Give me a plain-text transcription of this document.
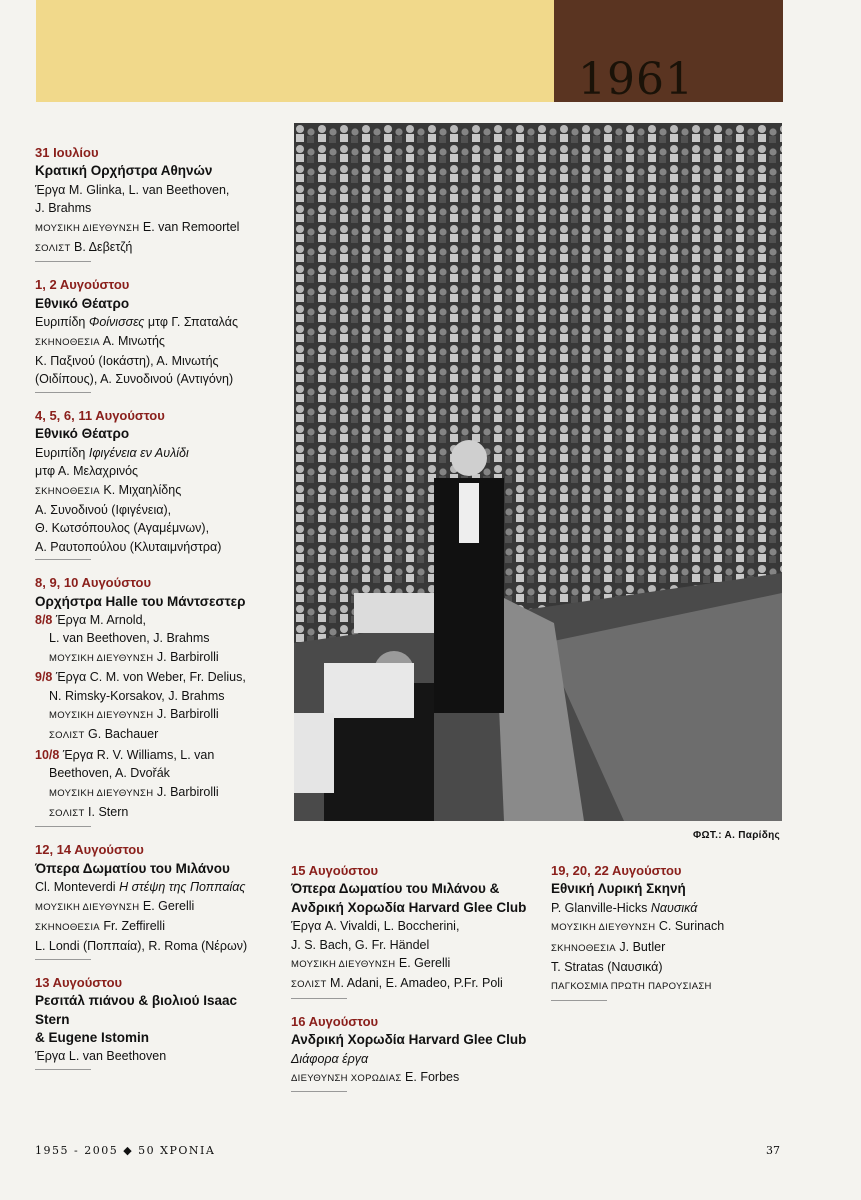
1961
ΦΩΤ.: Α. Παρίδης
31 Ιουλίου
Κρατική Ορχήστρα Αθηνών
Έργα M. Glinka, L. van Beethoven,
J. Brahms
ΜΟΥΣΙΚΗ ΔΙΕΥΘΥΝΣΗ E. van Remoortel
ΣΟΛΙΣΤ Β. Δεβετζή
1, 2 Αυγούστου
Εθνικό Θέατρο
Ευριπίδη Φοίνισσες μτφ Γ. Σπαταλάς
ΣΚΗΝΟΘΕΣΙΑ Α. Μινωτής
Κ. Παξινού (Ιοκάστη), Α. Μινωτής
(Οιδίπους), Α. Συνοδινού (Αντιγόνη)
4, 5, 6, 11 Αυγούστου
Εθνικό Θέατρο
Ευριπίδη Ιφιγένεια εν Αυλίδι
μτφ Α. Μελαχρινός
ΣΚΗΝΟΘΕΣΙΑ Κ. Μιχαηλίδης
Α. Συνοδινού (Ιφιγένεια),
Θ. Κωτσόπουλος (Αγαμέμνων),
Α. Ραυτοπούλου (Κλυταιμνήστρα)
8, 9, 10 Αυγούστου
Ορχήστρα Halle του Μάντσεστερ
8/8 Έργα M. Arnold,
L. van Beethoven, J. Brahms
ΜΟΥΣΙΚΗ ΔΙΕΥΘΥΝΣΗ J. Barbirolli
9/8 Έργα C. M. von Weber, Fr. Delius,
N. Rimsky-Korsakov, J. Brahms
ΜΟΥΣΙΚΗ ΔΙΕΥΘΥΝΣΗ J. Barbirolli
ΣΟΛΙΣΤ G. Bachauer
10/8 Έργα R. V. Williams, L. van
Beethoven, A. Dvořák
ΜΟΥΣΙΚΗ ΔΙΕΥΘΥΝΣΗ J. Barbirolli
ΣΟΛΙΣΤ I. Stern
12, 14 Αυγούστου
Όπερα Δωματίου του Μιλάνου
Cl. Monteverdi Η στέψη της Ποππαίας
ΜΟΥΣΙΚΗ ΔΙΕΥΘΥΝΣΗ E. Gerelli
ΣΚΗΝΟΘΕΣΙΑ Fr. Zeffirelli
L. Londi (Ποππαία), R. Roma (Νέρων)
13 Αυγούστου
Ρεσιτάλ πιάνου & βιολιού Isaac Stern
& Eugene Istomin
Έργα L. van Beethoven
15 Αυγούστου
Όπερα Δωματίου του Μιλάνου &
Ανδρική Χορωδία Harvard Glee Club
Έργα A. Vivaldi, L. Boccherini,
J. S. Bach, G. Fr. Händel
ΜΟΥΣΙΚΗ ΔΙΕΥΘΥΝΣΗ E. Gerelli
ΣΟΛΙΣΤ M. Adani, E. Amadeo, P.Fr. Poli
16 Αυγούστου
Ανδρική Χορωδία Harvard Glee Club
Διάφορα έργα
ΔΙΕΥΘΥΝΣΗ ΧΟΡΩΔΙΑΣ E. Forbes
19, 20, 22 Αυγούστου
Εθνική Λυρική Σκηνή
P. Glanville-Hicks Ναυσικά
ΜΟΥΣΙΚΗ ΔΙΕΥΘΥΝΣΗ C. Surinach
ΣΚΗΝΟΘΕΣΙΑ J. Butler
T. Stratas (Ναυσικά)
ΠΑΓΚΟΣΜΙΑ ΠΡΩΤΗ ΠΑΡΟΥΣΙΑΣΗ
1955 - 2005 ◆ 50 ΧΡΟΝΙΑ	37
